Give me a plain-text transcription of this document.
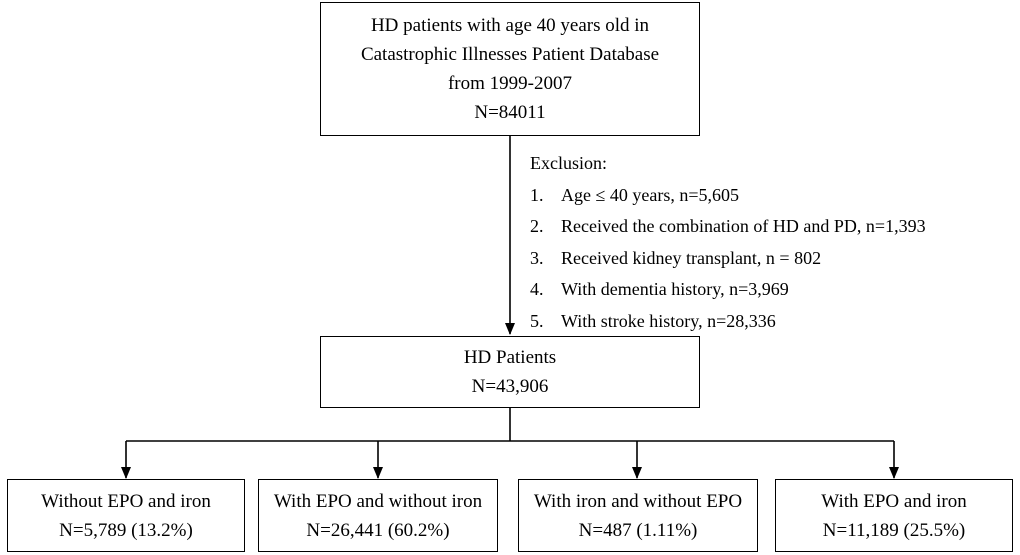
HD patients with age 40 years old in
Catastrophic Illnesses Patient Database
from 1999-2007
N=84011
Exclusion:
1. Age ≤ 40 years, n=5,605
2. Received the combination of HD and PD, n=1,393
3. Received kidney transplant, n = 802
4. With dementia history, n=3,969
5. With stroke history, n=28,336
HD Patients
N=43,906
Without EPO and iron
N=5,789 (13.2%)
With EPO and without iron
N=26,441 (60.2%)
With iron and without EPO
N=487 (1.11%)
With EPO and iron
N=11,189 (25.5%)
